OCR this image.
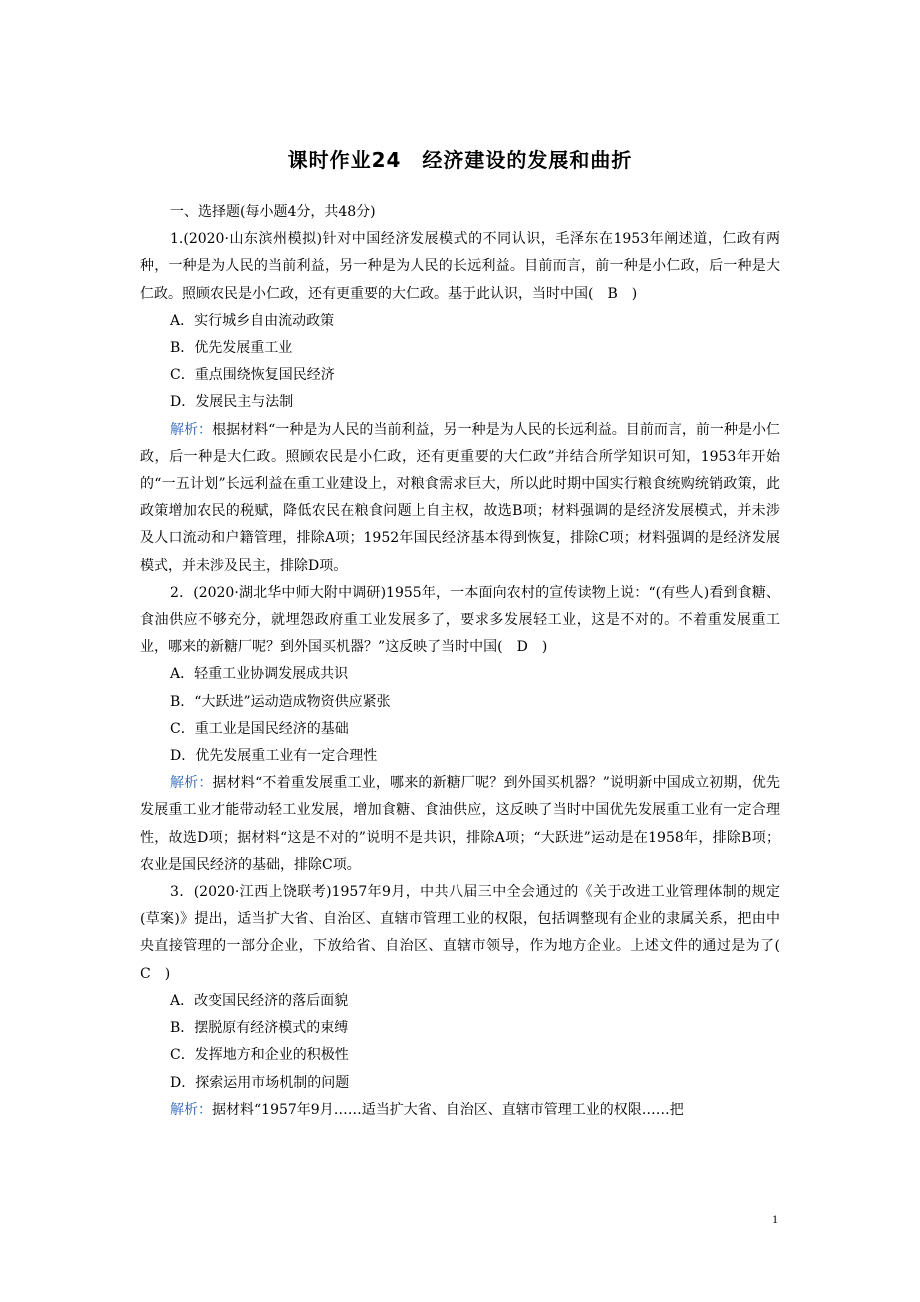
课时作业24　经济建设的发展和曲折

一、选择题(每小题4分，共48分)

1.(2020·山东滨州模拟)针对中国经济发展模式的不同认识，毛泽东在1953年阐述道，仁政有两种，一种是为人民的当前利益，另一种是为人民的长远利益。目前而言，前一种是小仁政，后一种是大仁政。照顾农民是小仁政，还有更重要的大仁政。基于此认识，当时中国(　B　)

A．实行城乡自由流动政策

B．优先发展重工业

C．重点围绕恢复国民经济

D．发展民主与法制

解析：根据材料“一种是为人民的当前利益，另一种是为人民的长远利益。目前而言，前一种是小仁政，后一种是大仁政。照顾农民是小仁政，还有更重要的大仁政”并结合所学知识可知，1953年开始的“一五计划”长远利益在重工业建设上，对粮食需求巨大，所以此时期中国实行粮食统购统销政策，此政策增加农民的税赋，降低农民在粮食问题上自主权，故选B项；材料强调的是经济发展模式，并未涉及人口流动和户籍管理，排除A项；1952年国民经济基本得到恢复，排除C项；材料强调的是经济发展模式，并未涉及民主，排除D项。

2．(2020·湖北华中师大附中调研)1955年，一本面向农村的宣传读物上说：“(有些人)看到食糖、食油供应不够充分，就埋怨政府重工业发展多了，要求多发展轻工业，这是不对的。不着重发展重工业，哪来的新糖厂呢？到外国买机器？”这反映了当时中国(　D　)

A．轻重工业协调发展成共识

B．“大跃进”运动造成物资供应紧张

C．重工业是国民经济的基础

D．优先发展重工业有一定合理性

解析：据材料“不着重发展重工业，哪来的新糖厂呢？到外国买机器？”说明新中国成立初期，优先发展重工业才能带动轻工业发展，增加食糖、食油供应，这反映了当时中国优先发展重工业有一定合理性，故选D项；据材料“这是不对的”说明不是共识，排除A项；“大跃进”运动是在1958年，排除B项；农业是国民经济的基础，排除C项。

3．(2020·江西上饶联考)1957年9月，中共八届三中全会通过的《关于改进工业管理体制的规定(草案)》提出，适当扩大省、自治区、直辖市管理工业的权限，包括调整现有企业的隶属关系，把由中央直接管理的一部分企业，下放给省、自治区、直辖市领导，作为地方企业。上述文件的通过是为了(　C　)

A．改变国民经济的落后面貌

B．摆脱原有经济模式的束缚

C．发挥地方和企业的积极性

D．探索运用市场机制的问题

解析：据材料“1957年9月……适当扩大省、自治区、直辖市管理工业的权限……把

1
